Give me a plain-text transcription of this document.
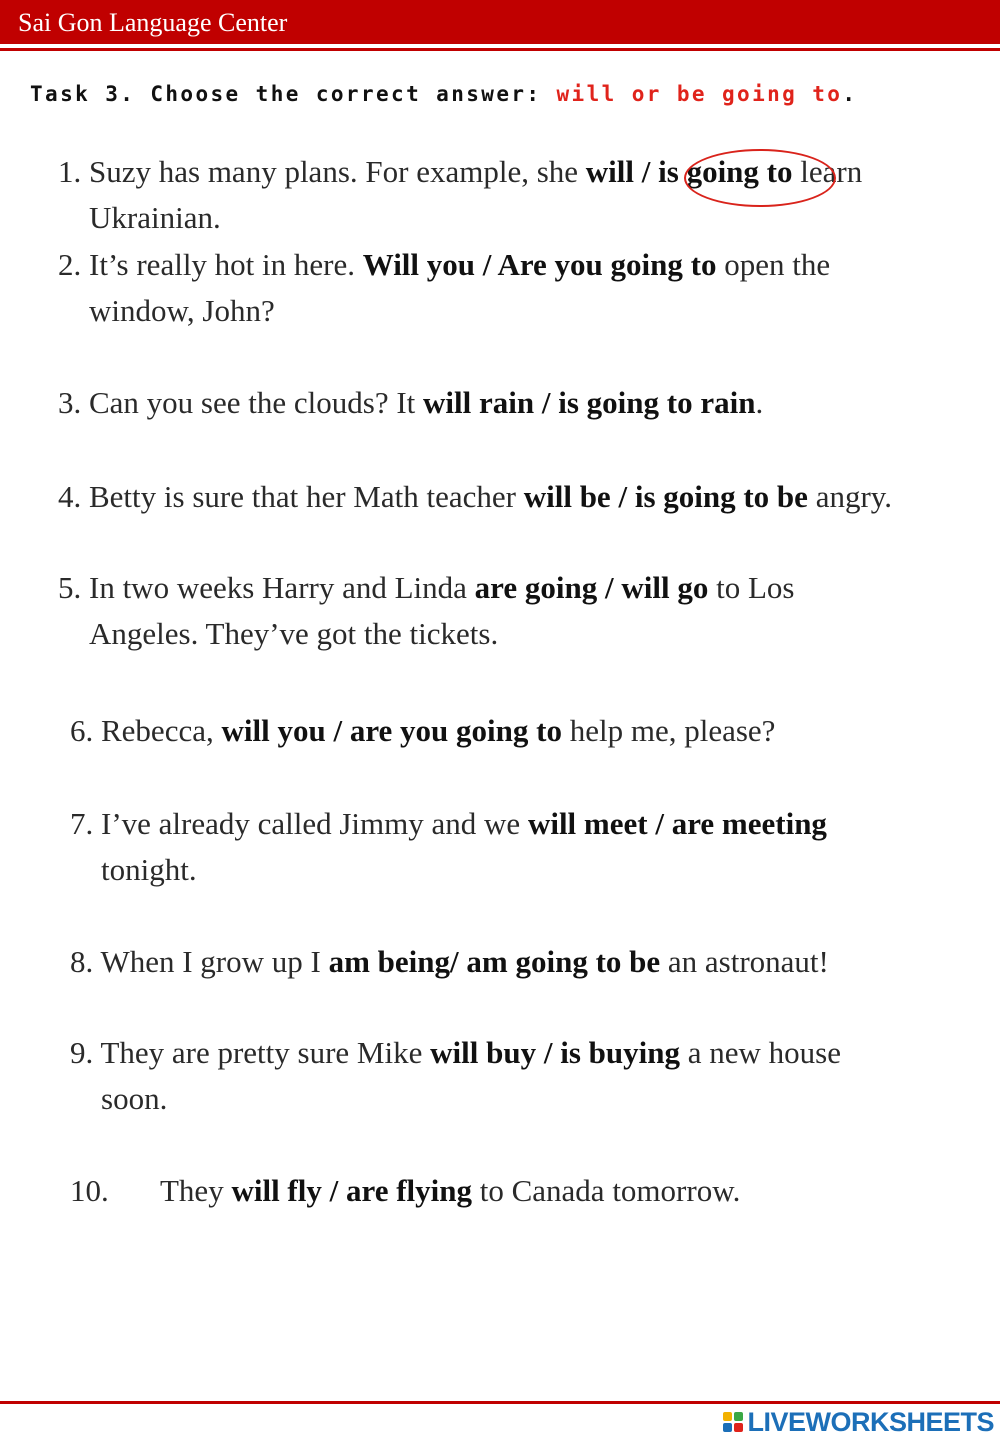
Sai Gon Language Center
Task 3. Choose the correct answer: will or be going to.
1. Suzy has many plans. For example, she will / is going to learn
Ukrainian.
2. It’s really hot in here. Will you / Are you going to open the
window, John?
3. Can you see the clouds? It will rain / is going to rain.
4. Betty is sure that her Math teacher will be / is going to be angry.
5. In two weeks Harry and Linda are going / will go to Los
Angeles. They’ve got the tickets.
6. Rebecca, will you / are you going to help me, please?
7. I’ve already called Jimmy and we will meet / are meeting
tonight.
8. When I grow up I am being/ am going to be an astronaut!
9. They are pretty sure Mike will buy / is buying a new house
soon.
10. They will fly / are flying to Canada tomorrow.
LIVEWORKSHEETS
